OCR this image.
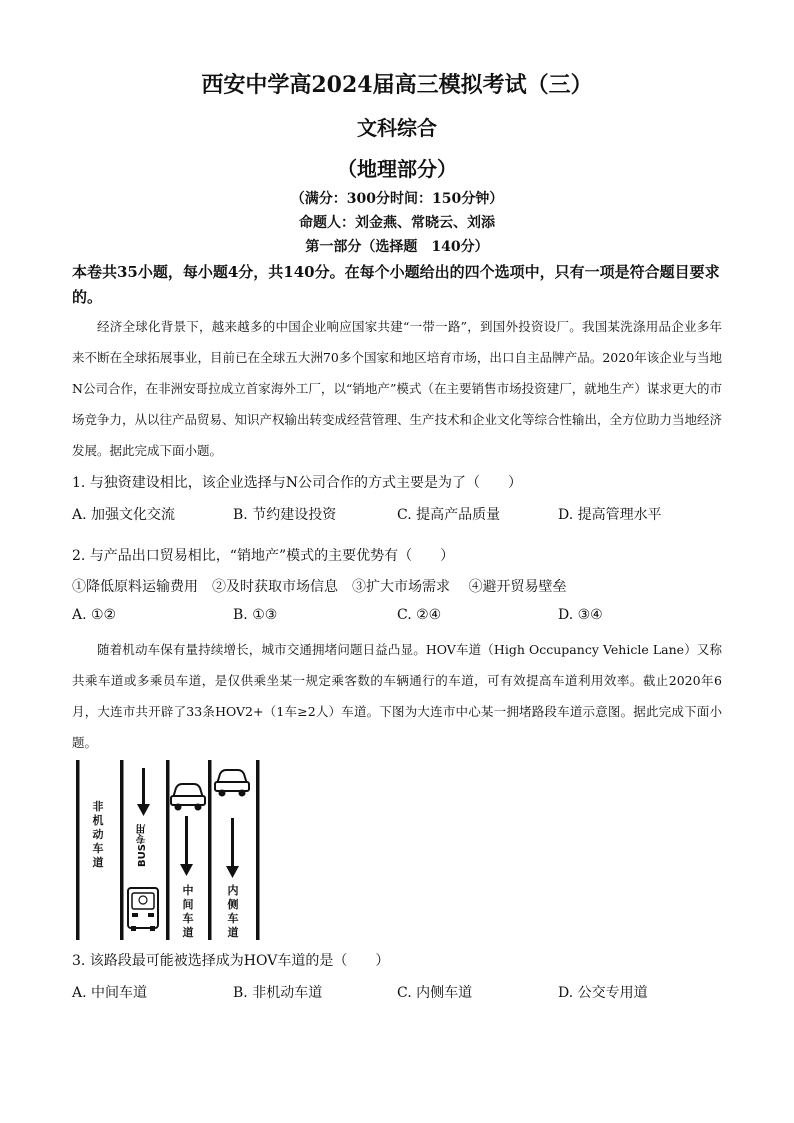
西安中学高2024届高三模拟考试（三）
文科综合
（地理部分）
（满分：300分时间：150分钟）
命题人：刘金燕、常晓云、刘添
第一部分（选择题　140分）
本卷共35小题，每小题4分，共140分。在每个小题给出的四个选项中，只有一项是符合题目要求的。
经济全球化背景下，越来越多的中国企业响应国家共建“一带一路”，到国外投资设厂。我国某洗涤用品企业多年来不断在全球拓展事业，目前已在全球五大洲70多个国家和地区培育市场，出口自主品牌产品。2020年该企业与当地N公司合作，在非洲安哥拉成立首家海外工厂，以“销地产”模式（在主要销售市场投资建厂，就地生产）谋求更大的市场竞争力，从以往产品贸易、知识产权输出转变成经营管理、生产技术和企业文化等综合性输出，全方位助力当地经济发展。据此完成下面小题。
1. 与独资建设相比，该企业选择与N公司合作的方式主要是为了（　　）
A. 加强文化交流	B. 节约建设投资	C. 提高产品质量	D. 提高管理水平
2. 与产品出口贸易相比，“销地产”模式的主要优势有（　　）
①降低原料运输费用　②及时获取市场信息　③扩大市场需求　 ④避开贸易壁垒
A. ①②	B. ①③	C. ②④	D. ③④
随着机动车保有量持续增长，城市交通拥堵问题日益凸显。HOV车道（High Occupancy Vehicle Lane）又称共乘车道或多乘员车道，是仅供乘坐某一规定乘客数的车辆通行的车道，可有效提高车道利用效率。截止2020年6月，大连市共开辟了33条HOV2+（1车≥2人）车道。下图为大连市中心某一拥堵路段车道示意图。据此完成下面小题。
非机动车道	BUS专用
中间车道
内侧车道
3. 该路段最可能被选择成为HOV车道的是（　　）
A. 中间车道	B. 非机动车道	C. 内侧车道	D. 公交专用道
